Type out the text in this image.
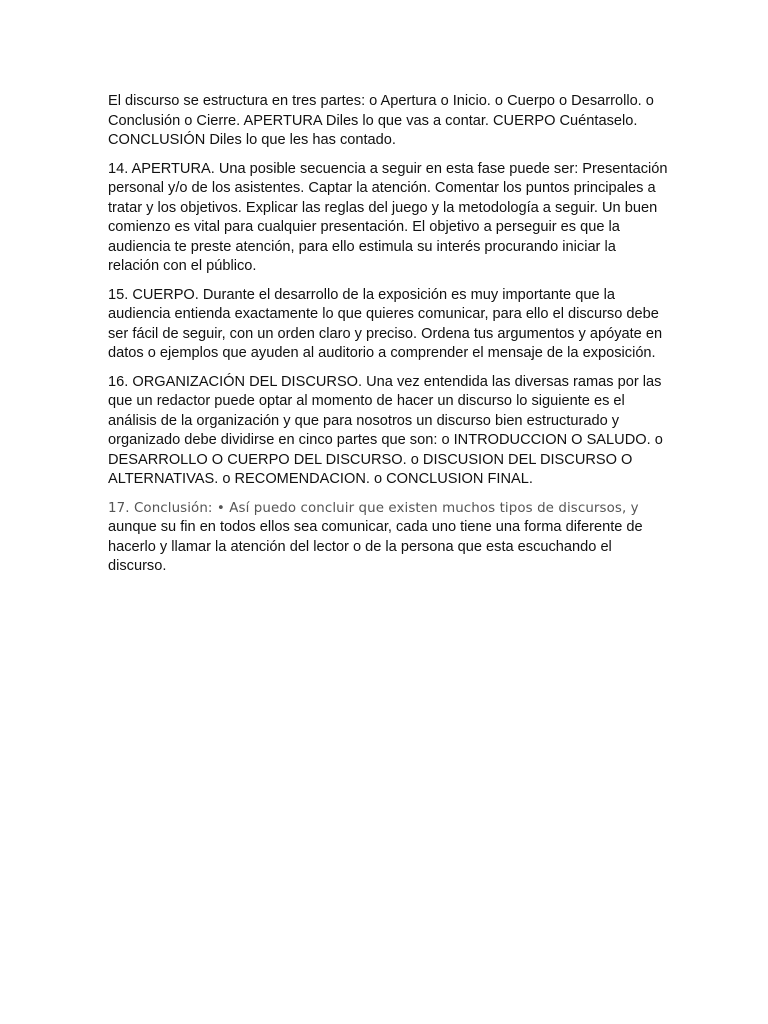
El discurso se estructura en tres partes: o Apertura o Inicio. o Cuerpo o Desarrollo. o Conclusión o Cierre. APERTURA Diles lo que vas a contar. CUERPO Cuéntaselo. CONCLUSIÓN Diles lo que les has contado.

14. APERTURA. Una posible secuencia a seguir en esta fase puede ser: Presentación personal y/o de los asistentes. Captar la atención. Comentar los puntos principales a tratar y los objetivos. Explicar las reglas del juego y la metodología a seguir. Un buen comienzo es vital para cualquier presentación. El objetivo a perseguir es que la audiencia te preste atención, para ello estimula su interés procurando iniciar la relación con el público.

15. CUERPO. Durante el desarrollo de la exposición es muy importante que la audiencia entienda exactamente lo que quieres comunicar, para ello el discurso debe ser fácil de seguir, con un orden claro y preciso. Ordena tus argumentos y apóyate en datos o ejemplos que ayuden al auditorio a comprender el mensaje de la exposición.

16. ORGANIZACIÓN DEL DISCURSO. Una vez entendida las diversas ramas por las que un redactor puede optar al momento de hacer un discurso lo siguiente es el análisis de la organización y que para nosotros un discurso bien estructurado y organizado debe dividirse en cinco partes que son: o INTRODUCCION O SALUDO. o DESARROLLO O CUERPO DEL DISCURSO. o DISCUSION DEL DISCURSO O ALTERNATIVAS. o RECOMENDACION. o CONCLUSION FINAL.

17. Conclusión: • Así puedo concluir que existen muchos tipos de discursos, y
aunque su fin en todos ellos sea comunicar, cada uno tiene una forma diferente de hacerlo y llamar la atención del lector o de la persona que esta escuchando el discurso.
